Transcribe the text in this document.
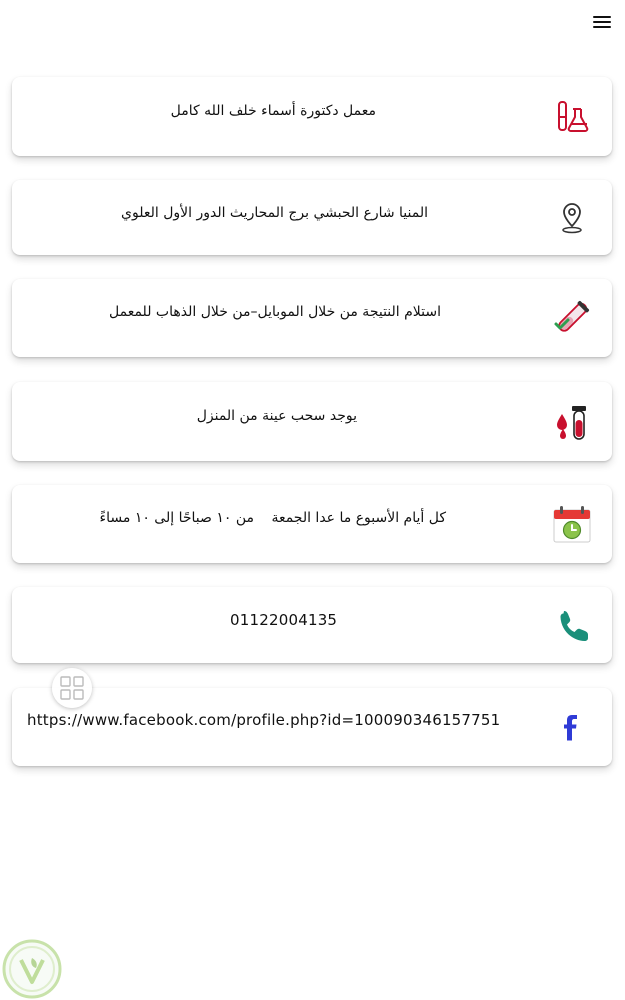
معمل دكتورة أسماء خلف الله كامل
المنيا شارع الحبشي برج المحاريث الدور الأول العلوي
استلام النتيجة من خلال الموبايل–من خلال الذهاب للمعمل
يوجد سحب عينة من المنزل
كل أيام الأسبوع ما عدا الجمعة
من ١٠ صباحًا إلى ١٠ مساءً
01122004135
https://www.facebook.com/profile.php?id=100090346157751
